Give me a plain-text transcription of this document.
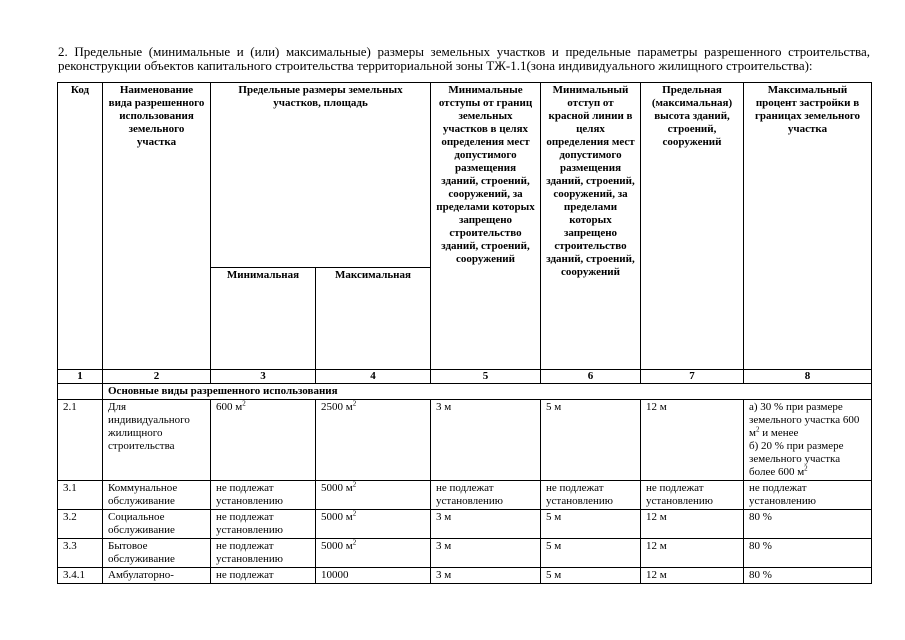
2. Предельные (минимальные и (или) максимальные) размеры земельных участков и предельные параметры разрешенного строительства, реконструкции объектов капитального строительства территориальной зоны ТЖ-1.1(зона индивидуального жилищного строительства):

Код	Наименование вида разрешенного использования земельного участка	Предельные размеры земельных участков, площадь		Минимальные отступы от границ земельных участков в целях определения мест допустимого размещения зданий, строений, сооружений, за пределами которых запрещено строительство зданий, строений, сооружений	Минимальный отступ от красной линии в целях определения мест допустимого размещения зданий, строений, сооружений, за пределами которых запрещено строительство зданий, строений, сооружений	Предельная (максимальная) высота зданий, строений, сооружений	Максимальный процент застройки в границах земельного участка
		Минимальная	Максимальная				
1	2	3	4	5	6	7	8
	Основные виды разрешенного использования						
2.1	Для индивидуального жилищного строительства	600 $м^2$	2500 $м^2$	3 м	5 м	12 м	а) 30 % при размере земельного участка 600 $м^2$ и менее
б) 20 % при размере земельного участка более 600 $м^2$
3.1	Коммунальное обслуживание	не подлежат установлению	5000 $м^2$	не подлежат установлению	не подлежат установлению	не подлежат установлению	не подлежат установлению
3.2	Социальное обслуживание	не подлежат установлению	5000 $м^2$	3 м	5 м	12 м	80 %
3.3	Бытовое обслуживание	не подлежат установлению	5000 $м^2$	3 м	5 м	12 м	80 %
3.4.1	Амбулаторно-	не подлежат	10000	3 м	5 м	12 м	80 %
